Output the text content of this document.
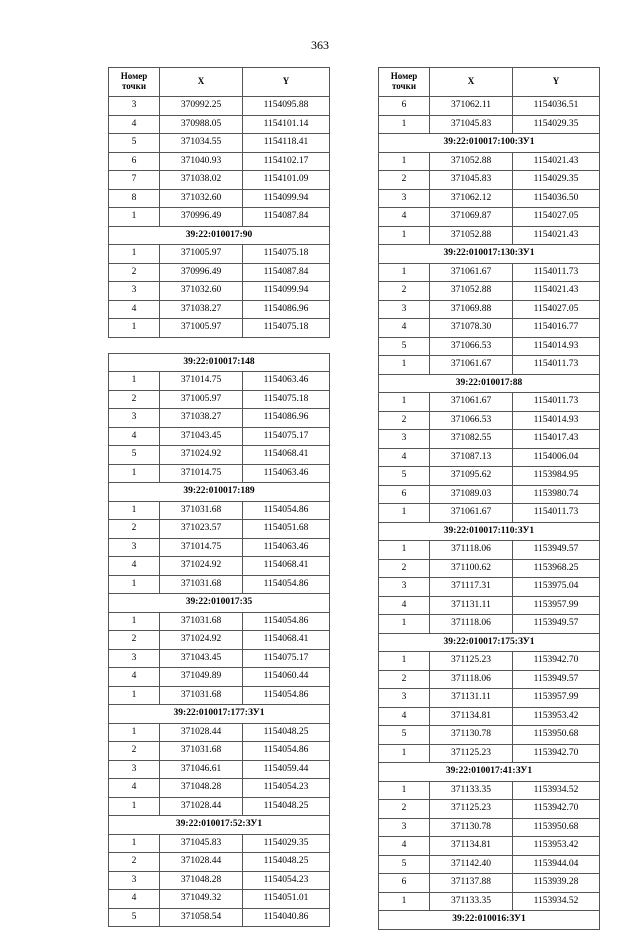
363
Номер точки	X	Y
3	370992.25	1154095.88
4	370988.05	1154101.14
5	371034.55	1154118.41
6	371040.93	1154102.17
7	371038.02	1154101.09
8	371032.60	1154099.94
1	370996.49	1154087.84
39:22:010017:90		
1	371005.97	1154075.18
2	370996.49	1154087.84
3	371032.60	1154099.94
4	371038.27	1154086.96
1	371005.97	1154075.18

39:22:010017:148		
1	371014.75	1154063.46
2	371005.97	1154075.18
3	371038.27	1154086.96
4	371043.45	1154075.17
5	371024.92	1154068.41
1	371014.75	1154063.46
39:22:010017:189		
1	371031.68	1154054.86
2	371023.57	1154051.68
3	371014.75	1154063.46
4	371024.92	1154068.41
1	371031.68	1154054.86
39:22:010017:35		
1	371031.68	1154054.86
2	371024.92	1154068.41
3	371043.45	1154075.17
4	371049.89	1154060.44
1	371031.68	1154054.86
39:22:010017:177:ЗУ1		
1	371028.44	1154048.25
2	371031.68	1154054.86
3	371046.61	1154059.44
4	371048.28	1154054.23
1	371028.44	1154048.25
39:22:010017:52:ЗУ1		
1	371045.83	1154029.35
2	371028.44	1154048.25
3	371048.28	1154054.23
4	371049.32	1154051.01
5	371058.54	1154040.86
Номер точки	X	Y
6	371062.11	1154036.51
1	371045.83	1154029.35
39:22:010017:100:ЗУ1		
1	371052.88	1154021.43
2	371045.83	1154029.35
3	371062.12	1154036.50
4	371069.87	1154027.05
1	371052.88	1154021.43
39:22:010017:130:ЗУ1		
1	371061.67	1154011.73
2	371052.88	1154021.43
3	371069.88	1154027.05
4	371078.30	1154016.77
5	371066.53	1154014.93
1	371061.67	1154011.73
39:22:010017:88		
1	371061.67	1154011.73
2	371066.53	1154014.93
3	371082.55	1154017.43
4	371087.13	1154006.04
5	371095.62	1153984.95
6	371089.03	1153980.74
1	371061.67	1154011.73
39:22:010017:110:ЗУ1		
1	371118.06	1153949.57
2	371100.62	1153968.25
3	371117.31	1153975.04
4	371131.11	1153957.99
1	371118.06	1153949.57
39:22:010017:175:ЗУ1		
1	371125.23	1153942.70
2	371118.06	1153949.57
3	371131.11	1153957.99
4	371134.81	1153953.42
5	371130.78	1153950.68
1	371125.23	1153942.70
39:22:010017:41:ЗУ1		
1	371133.35	1153934.52
2	371125.23	1153942.70
3	371130.78	1153950.68
4	371134.81	1153953.42
5	371142.40	1153944.04
6	371137.88	1153939.28
1	371133.35	1153934.52
39:22:010016:ЗУ1		
